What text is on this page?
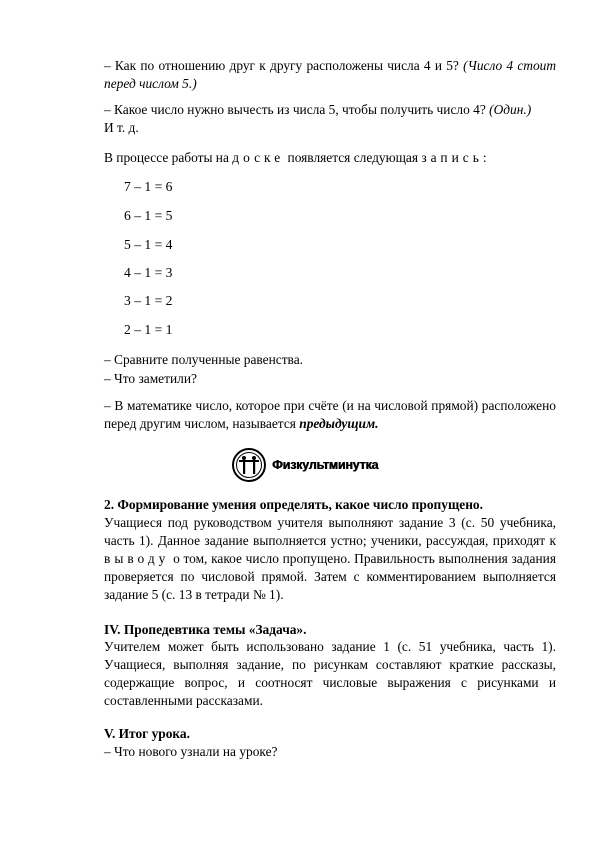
– Как по отношению друг к другу расположены числа 4 и 5? (Число 4 стоит перед числом 5.)

– Какое число нужно вычесть из числа 5, чтобы получить число 4? (Один.)

И т. д.

В процессе работы на доске появляется следующая запись:

7 – 1 = 6
6 – 1 = 5
5 – 1 = 4
4 – 1 = 3
3 – 1 = 2
2 – 1 = 1

– Сравните полученные равенства.

– Что заметили?

– В математике число, которое при счёте (и на числовой прямой) расположено перед другим числом, называется предыдущим.

Физкультминутка

2. Формирование умения определять, какое число пропущено.

Учащиеся под руководством учителя выполняют задание 3 (с. 50 учебника, часть 1). Данное задание выполняется устно; ученики, рассуждая, приходят к выводу о том, какое число пропущено. Правильность выполнения задания проверяется по числовой прямой. Затем с комментированием выполняется задание 5 (с. 13 в тетради № 1).

IV. Пропедевтика темы «Задача».

Учителем может быть использовано задание 1 (с. 51 учебника, часть 1). Учащиеся, выполняя задание, по рисункам составляют краткие рассказы, содержащие вопрос, и соотносят числовые выражения с рисунками и составленными рассказами.

V. Итог урока.

– Что нового узнали на уроке?
